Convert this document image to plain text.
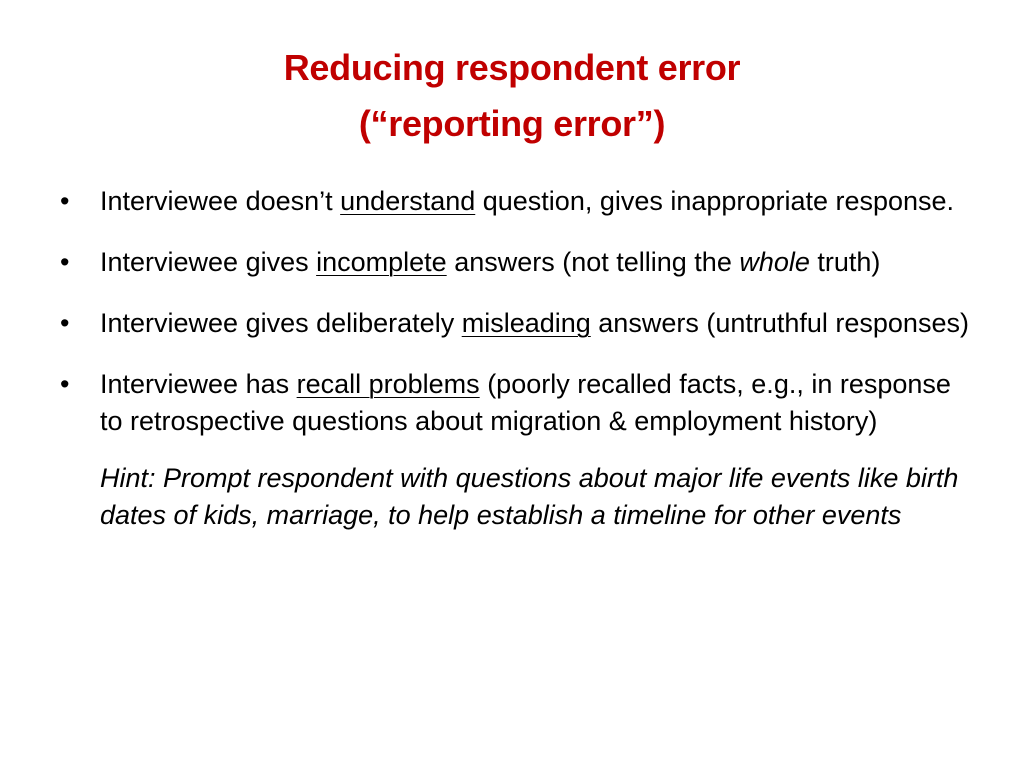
Reducing respondent error
(“reporting error”)
•	Interviewee doesn’t understand question, gives inappropriate response.
•	Interviewee gives incomplete answers (not telling the whole truth)
•	Interviewee gives deliberately misleading answers (untruthful responses)
•	Interviewee has recall problems (poorly recalled facts, e.g., in response to retrospective questions about migration & employment history)
Hint: Prompt respondent with questions about major life events like birth dates of kids, marriage, to help establish a timeline for other events
